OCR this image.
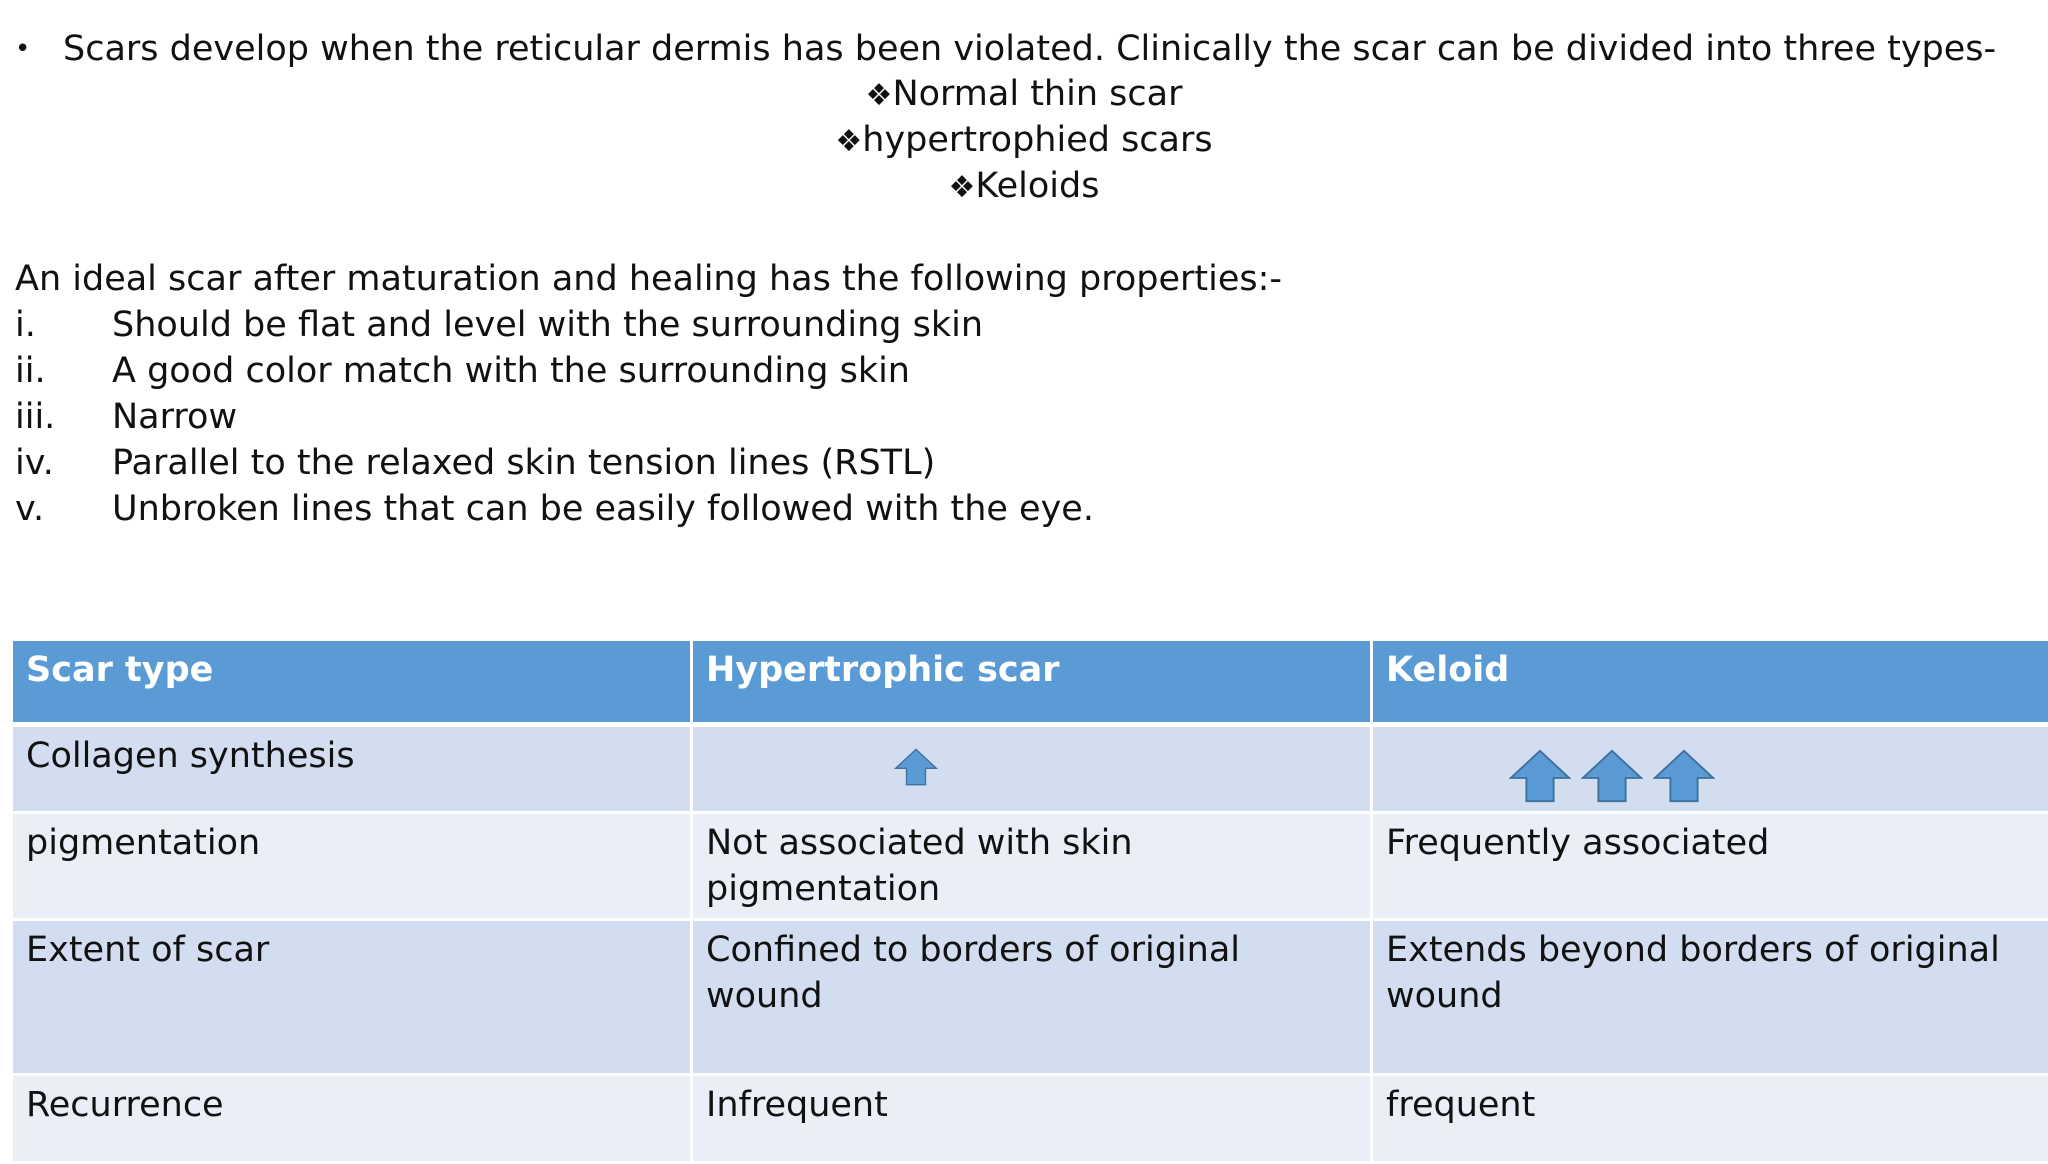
• Scars develop when the reticular dermis has been violated. Clinically the scar can be divided into three types-
❖Normal thin scar
❖hypertrophied scars
❖Keloids
An ideal scar after maturation and healing has the following properties:-
i. Should be flat and level with the surrounding skin
ii. A good color match with the surrounding skin
iii. Narrow
iv. Parallel to the relaxed skin tension lines (RSTL)
v. Unbroken lines that can be easily followed with the eye.
Scar type	Hypertrophic scar	Keloid
Collagen synthesis	

pigmentation	Not associated with skin pigmentation	Frequently associated
Extent of scar	Confined to borders of original wound	Extends beyond borders of original wound
Recurrence	Infrequent	frequent
